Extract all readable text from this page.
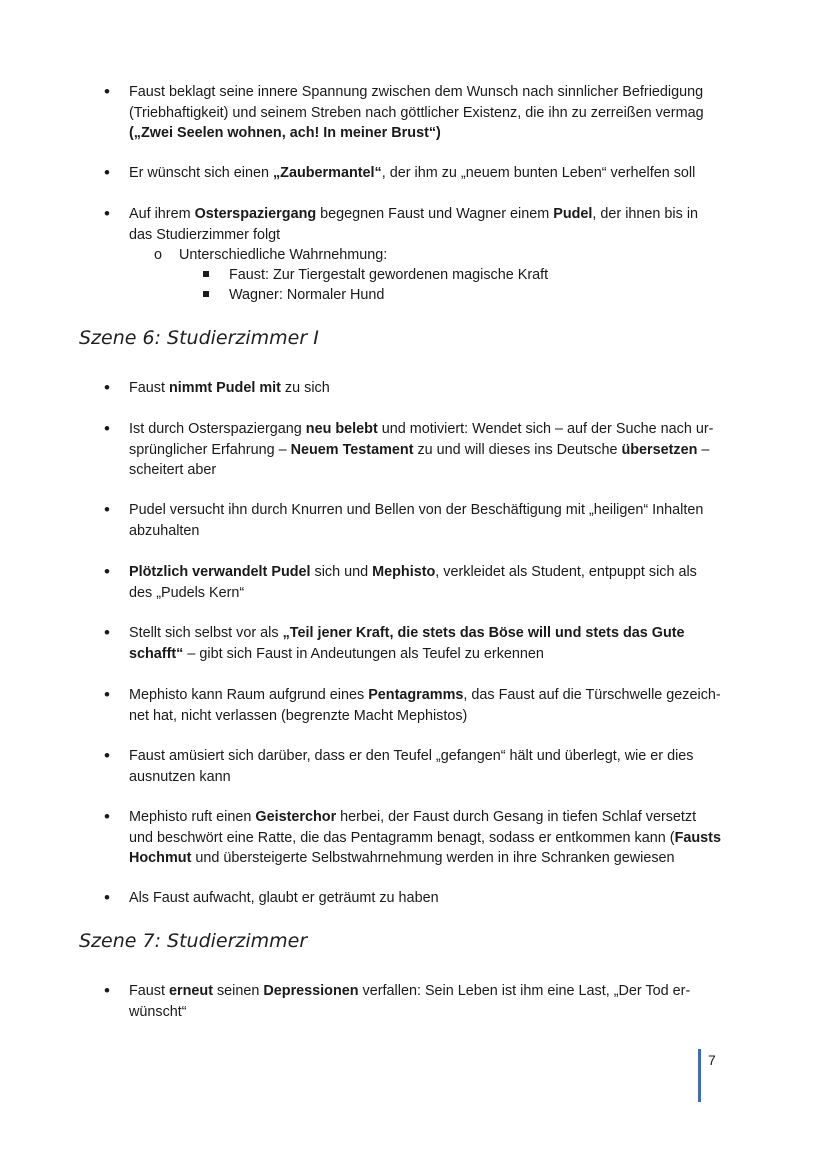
• Faust beklagt seine innere Spannung zwischen dem Wunsch nach sinnlicher Befriedigung
(Triebhaftigkeit) und seinem Streben nach göttlicher Existenz, die ihn zu zerreißen vermag
(„Zwei Seelen wohnen, ach! In meiner Brust“)
• Er wünscht sich einen „Zaubermantel“, der ihm zu „neuem bunten Leben“ verhelfen soll
• Auf ihrem Osterspaziergang begegnen Faust und Wagner einem Pudel, der ihnen bis in
das Studierzimmer folgt
o Unterschiedliche Wahrnehmung:
Faust: Zur Tiergestalt gewordenen magische Kraft
Wagner: Normaler Hund
Szene 6: Studierzimmer I
• Faust nimmt Pudel mit zu sich
• Ist durch Osterspaziergang neu belebt und motiviert: Wendet sich – auf der Suche nach ur-
sprünglicher Erfahrung – Neuem Testament zu und will dieses ins Deutsche übersetzen –
scheitert aber
• Pudel versucht ihn durch Knurren und Bellen von der Beschäftigung mit „heiligen“ Inhalten
abzuhalten
• Plötzlich verwandelt Pudel sich und Mephisto, verkleidet als Student, entpuppt sich als
des „Pudels Kern“
• Stellt sich selbst vor als „Teil jener Kraft, die stets das Böse will und stets das Gute
schafft“ – gibt sich Faust in Andeutungen als Teufel zu erkennen
• Mephisto kann Raum aufgrund eines Pentagramms, das Faust auf die Türschwelle gezeich-
net hat, nicht verlassen (begrenzte Macht Mephistos)
• Faust amüsiert sich darüber, dass er den Teufel „gefangen“ hält und überlegt, wie er dies
ausnutzen kann
• Mephisto ruft einen Geisterchor herbei, der Faust durch Gesang in tiefen Schlaf versetzt
und beschwört eine Ratte, die das Pentagramm benagt, sodass er entkommen kann (Fausts
Hochmut und übersteigerte Selbstwahrnehmung werden in ihre Schranken gewiesen
• Als Faust aufwacht, glaubt er geträumt zu haben
Szene 7: Studierzimmer
• Faust erneut seinen Depressionen verfallen: Sein Leben ist ihm eine Last, „Der Tod er-
wünscht“
7
